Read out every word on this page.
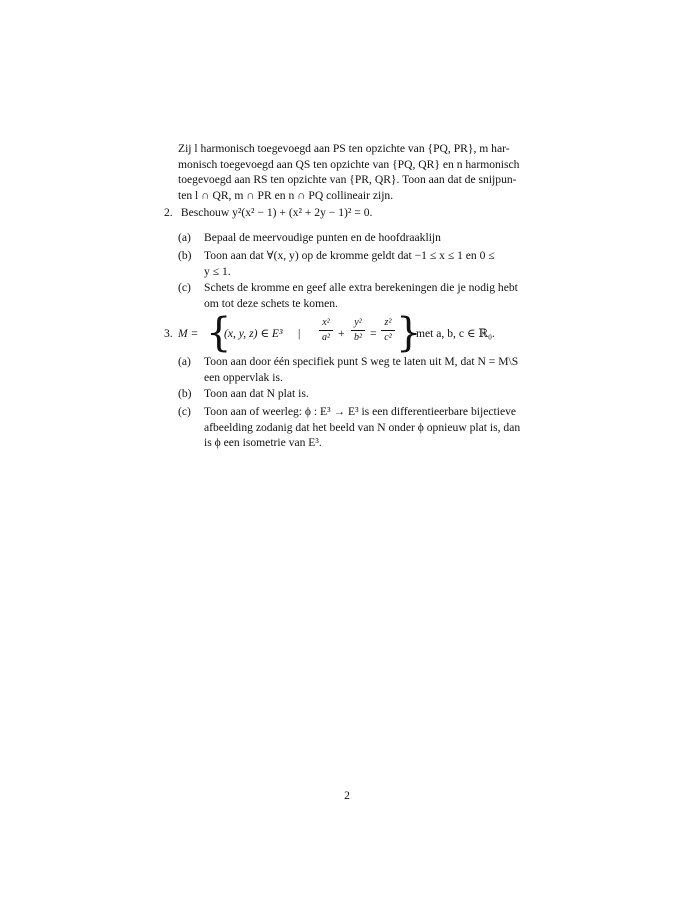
Zij l harmonisch toegevoegd aan PS ten opzichte van {PQ, PR}, m har-
monisch toegevoegd aan QS ten opzichte van {PQ, QR} en n harmonisch
toegevoegd aan RS ten opzichte van {PR, QR}. Toon aan dat de snijpun-
ten l ∩ QR, m ∩ PR en n ∩ PQ collineair zijn.
2. Beschouw y²(x² − 1) + (x² + 2y − 1)² = 0.
(a)	Bepaal de meervoudige punten en de hoofdraaklijn
(b)	Toon aan dat ∀(x, y) op de kromme geldt dat −1 ≤ x ≤ 1 en 0 ≤
y ≤ 1.
(c)	Schets de kromme en geef alle extra berekeningen die je nodig hebt
om tot deze schets te komen.
3. M = {
(x, y, z) ∈ E³ |
x²
a² +
y²
b² =
z²
c² }
met a, b, c ∈ ℝ₀.
(a)	Toon aan door één specifiek punt S weg te laten uit M, dat N = M\S
een oppervlak is.
(b)	Toon aan dat N plat is.
(c)	Toon aan of weerleg: ϕ : E³ → E³ is een differentieerbare bijectieve
afbeelding zodanig dat het beeld van N onder ϕ opnieuw plat is, dan
is ϕ een isometrie van E³.
2
